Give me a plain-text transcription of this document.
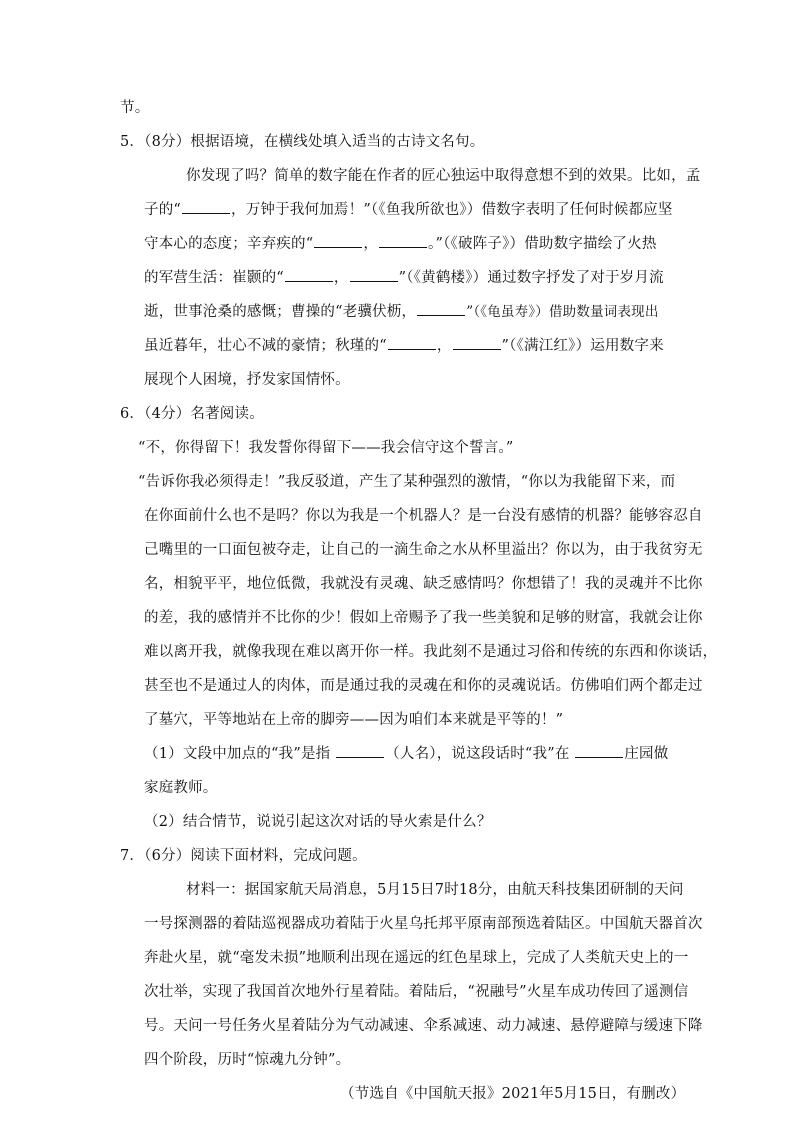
节。
5．（8分）根据语境，在横线处填入适当的古诗文名句。
你发现了吗？简单的数字能在作者的匠心独运中取得意想不到的效果。比如，孟
子的“	，万钟于我何加焉！”（《鱼我所欲也》）借数字表明了任何时候都应坚
守本心的态度；辛弃疾的“	，	。”（《破阵子》）借助数字描绘了火热
的军营生活：崔颢的“	，	”（《黄鹤楼》）通过数字抒发了对于岁月流
逝，世事沧桑的感慨；曹操的“老骥伏枥，	”（《龟虽寿》）借助数量词表现出
虽近暮年，壮心不减的豪情；秋瑾的“	，	”（《满江红》）运用数字来
展现个人困境，抒发家国情怀。
6．（4分）名著阅读。
“不，你得留下！我发誓你得留下——我会信守这个誓言。”
“告诉你我必须得走！”我反驳道，产生了某种强烈的激情，“你以为我能留下来，而
在你面前什么也不是吗？你以为我是一个机器人？是一台没有感情的机器？能够容忍自
己嘴里的一口面包被夺走，让自己的一滴生命之水从杯里溢出？你以为，由于我贫穷无
名，相貌平平，地位低微，我就没有灵魂、缺乏感情吗？你想错了！我的灵魂并不比你
的差，我的感情并不比你的少！假如上帝赐予了我一些美貌和足够的财富，我就会让你
难以离开我，就像我现在难以离开你一样。我此刻不是通过习俗和传统的东西和你谈话，
甚至也不是通过人的肉体，而是通过我的灵魂在和你的灵魂说话。仿佛咱们两个都走过
了墓穴，平等地站在上帝的脚旁——因为咱们本来就是平等的！”
（1）文段中加点的“我”是指	（人名），说这段话时“我”在	庄园做
家庭教师。
（2）结合情节，说说引起这次对话的导火索是什么？
7．（6分）阅读下面材料，完成问题。
材料一：据国家航天局消息，5月15日7时18分，由航天科技集团研制的天问
一号探测器的着陆巡视器成功着陆于火星乌托邦平原南部预选着陆区。中国航天器首次
奔赴火星，就“毫发未损”地顺利出现在遥远的红色星球上，完成了人类航天史上的一
次壮举，实现了我国首次地外行星着陆。着陆后，“祝融号”火星车成功传回了遥测信
号。天问一号任务火星着陆分为气动减速、伞系减速、动力减速、悬停避障与缓速下降
四个阶段，历时“惊魂九分钟”。
（节选自《中国航天报》2021年5月15日，有删改）
